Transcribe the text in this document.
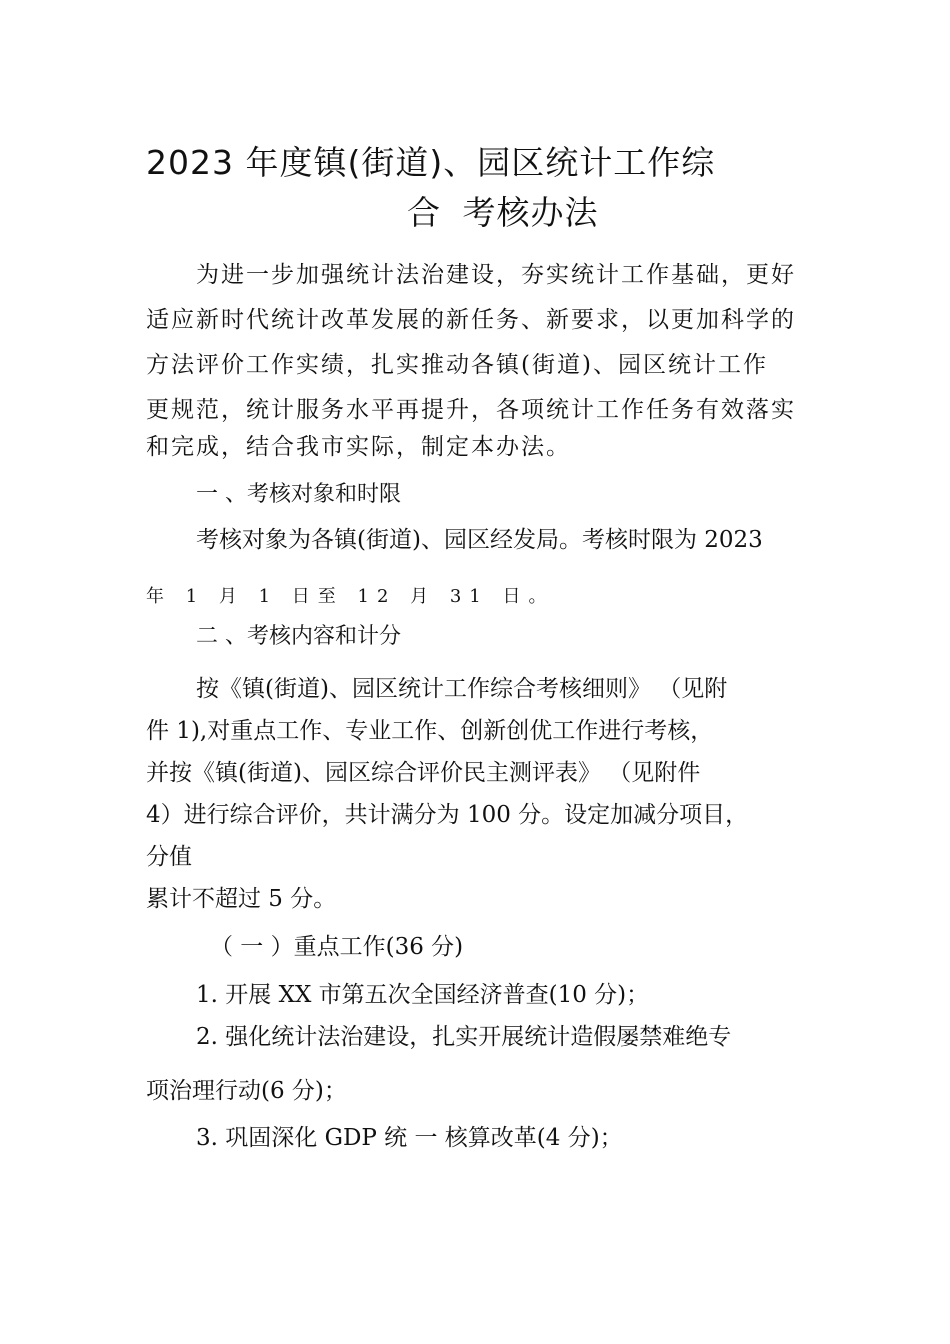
2023 年度镇(街道)、园区统计工作综
合 考核办法
为进一步加强统计法治建设，夯实统计工作基础，更好
适应新时代统计改革发展的新任务、新要求，以更加科学的
方法评价工作实绩，扎实推动各镇(街道)、园区统计工作
更规范，统计服务水平再提升，各项统计工作任务有效落实
和完成，结合我市实际，制定本办法。
一 、考核对象和时限
考核对象为各镇(街道)、园区经发局。考核时限为 2023
年 1 月 1 日至 12 月 31 日。
二 、考核内容和计分
按《镇(街道)、园区统计工作综合考核细则》 （见附
件 1),对重点工作、专业工作、创新创优工作进行考核，
并按《镇(街道)、园区综合评价民主测评表》 （见附件
4）进行综合评价，共计满分为 100 分。设定加减分项目，
分值
累计不超过 5 分。
（ 一 ）重点工作(36 分)
1. 开展 XX 市第五次全国经济普查(10 分)；
2. 强化统计法治建设，扎实开展统计造假屡禁难绝专
项治理行动(6 分)；
3. 巩固深化 GDP 统 一 核算改革(4 分)；
